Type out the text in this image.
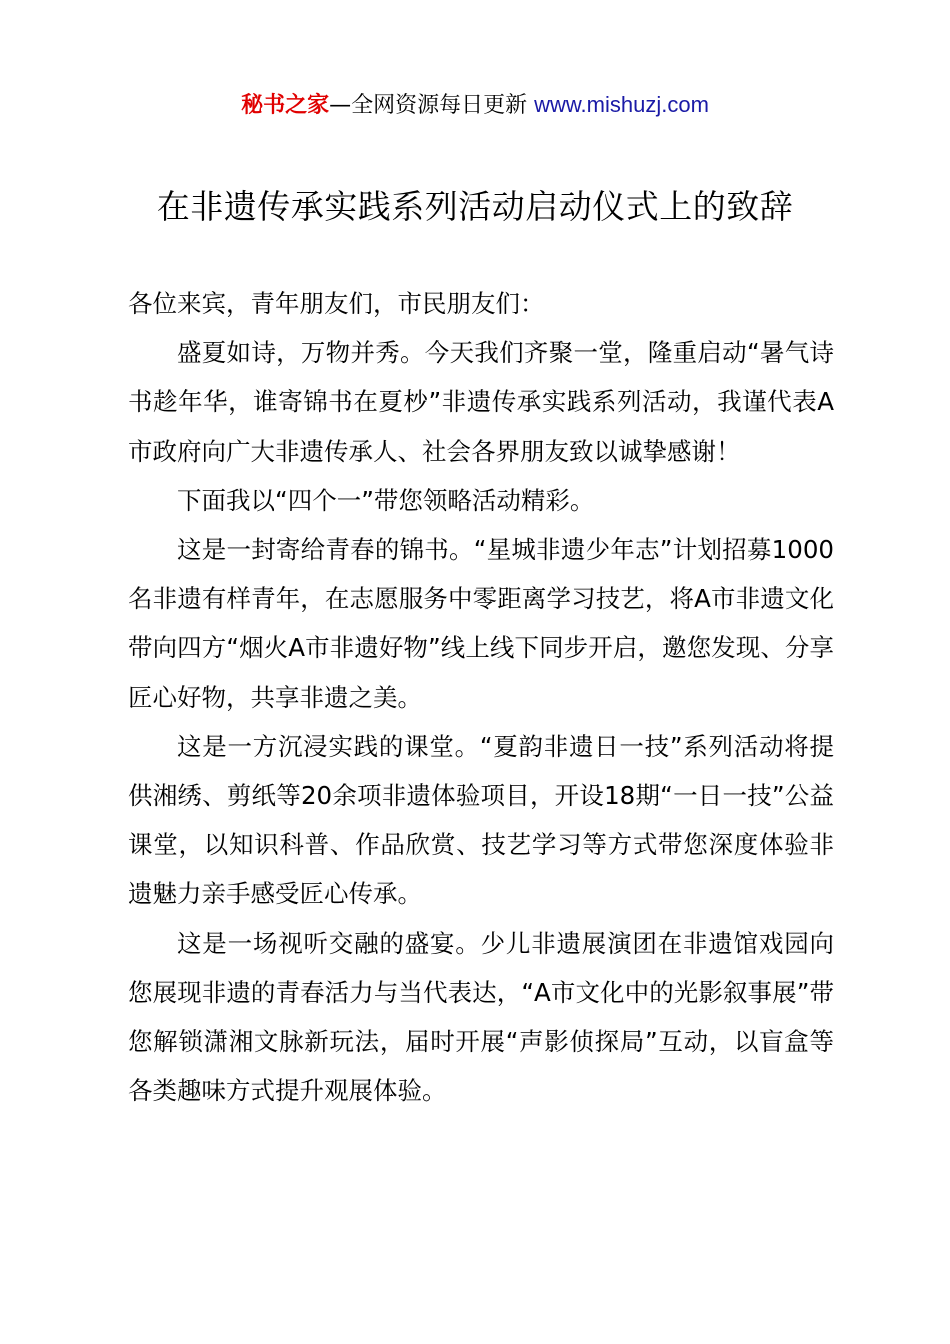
秘书之家—全网资源每日更新 www.mishuzj.com
在非遗传承实践系列活动启动仪式上的致辞

各位来宾，青年朋友们，市民朋友们：

盛夏如诗，万物并秀。今天我们齐聚一堂，隆重启动“暑气诗书趁年华，谁寄锦书在夏杪”非遗传承实践系列活动，我谨代表A市政府向广大非遗传承人、社会各界朋友致以诚挚感谢！

下面我以“四个一”带您领略活动精彩。

这是一封寄给青春的锦书。“星城非遗少年志”计划招募1000名非遗有样青年，在志愿服务中零距离学习技艺，将A市非遗文化带向四方“烟火A市非遗好物”线上线下同步开启，邀您发现、分享匠心好物，共享非遗之美。

这是一方沉浸实践的课堂。“夏韵非遗日一技”系列活动将提供湘绣、剪纸等20余项非遗体验项目，开设18期“一日一技”公益课堂，以知识科普、作品欣赏、技艺学习等方式带您深度体验非遗魅力亲手感受匠心传承。

这是一场视听交融的盛宴。少儿非遗展演团在非遗馆戏园向您展现非遗的青春活力与当代表达，“A市文化中的光影叙事展”带您解锁潇湘文脉新玩法，届时开展“声影侦探局”互动，以盲盒等各类趣味方式提升观展体验。
